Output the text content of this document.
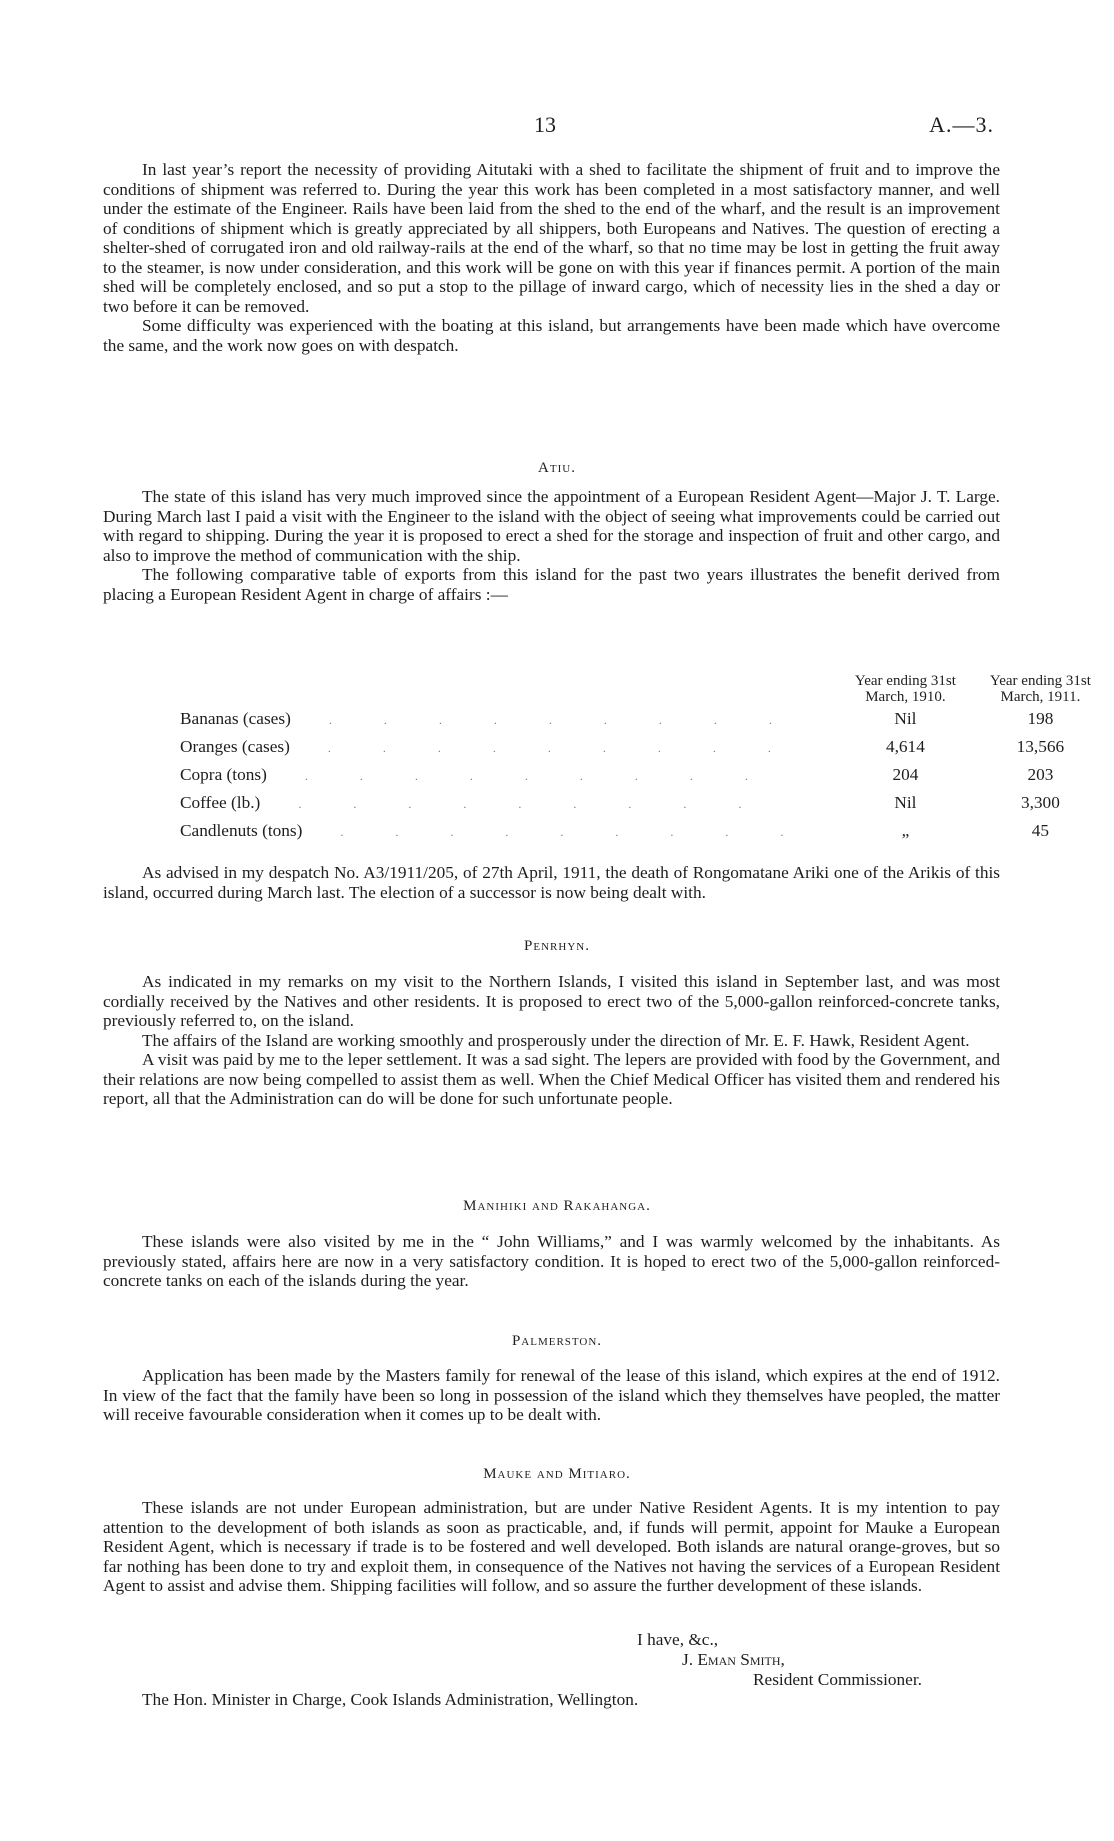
13	A.—3.

In last year’s report the necessity of providing Aitutaki with a shed to facilitate the shipment of fruit and to improve the conditions of shipment was referred to. During the year this work has been completed in a most satisfactory manner, and well under the estimate of the Engineer. Rails have been laid from the shed to the end of the wharf, and the result is an improvement of conditions of shipment which is greatly appreciated by all shippers, both Europeans and Natives. The question of erecting a shelter-shed of corrugated iron and old railway-rails at the end of the wharf, so that no time may be lost in getting the fruit away to the steamer, is now under consideration, and this work will be gone on with this year if finances permit. A portion of the main shed will be completely enclosed, and so put a stop to the pillage of inward cargo, which of necessity lies in the shed a day or two before it can be removed.

Some difficulty was experienced with the boating at this island, but arrangements have been made which have overcome the same, and the work now goes on with despatch.

Atiu.

The state of this island has very much improved since the appointment of a European Resident Agent—Major J. T. Large. During March last I paid a visit with the Engineer to the island with the object of seeing what improvements could be carried out with regard to shipping. During the year it is proposed to erect a shed for the storage and inspection of fruit and other cargo, and also to improve the method of communication with the ship.

The following comparative table of exports from this island for the past two years illustrates the benefit derived from placing a European Resident Agent in charge of affairs :—

	Year ending 31st March, 1910.	Year ending 31st March, 1911.
Bananas (cases) .........	Nil	198
Oranges (cases) .........	4,614	13,566
Copra (tons) .........	204	203
Coffee (lb.) .........	Nil	3,300
Candlenuts (tons) .........	„	45

As advised in my despatch No. A3/1911/205, of 27th April, 1911, the death of Rongomatane Ariki one of the Arikis of this island, occurred during March last. The election of a successor is now being dealt with.

Penrhyn.

As indicated in my remarks on my visit to the Northern Islands, I visited this island in September last, and was most cordially received by the Natives and other residents. It is proposed to erect two of the 5,000-gallon reinforced-concrete tanks, previously referred to, on the island.

The affairs of the Island are working smoothly and prosperously under the direction of Mr. E. F. Hawk, Resident Agent.

A visit was paid by me to the leper settlement. It was a sad sight. The lepers are provided with food by the Government, and their relations are now being compelled to assist them as well. When the Chief Medical Officer has visited them and rendered his report, all that the Administration can do will be done for such unfortunate people.

Manihiki and Rakahanga.

These islands were also visited by me in the “ John Williams,” and I was warmly welcomed by the inhabitants. As previously stated, affairs here are now in a very satisfactory condition. It is hoped to erect two of the 5,000-gallon reinforced-concrete tanks on each of the islands during the year.

Palmerston.

Application has been made by the Masters family for renewal of the lease of this island, which expires at the end of 1912. In view of the fact that the family have been so long in possession of the island which they themselves have peopled, the matter will receive favourable consideration when it comes up to be dealt with.

Mauke and Mitiaro.

These islands are not under European administration, but are under Native Resident Agents. It is my intention to pay attention to the development of both islands as soon as practicable, and, if funds will permit, appoint for Mauke a European Resident Agent, which is necessary if trade is to be fostered and well developed. Both islands are natural orange-groves, but so far nothing has been done to try and exploit them, in consequence of the Natives not having the services of a European Resident Agent to assist and advise them. Shipping facilities will follow, and so assure the further development of these islands.

I have, &c.,
J. Eman Smith,
Resident Commissioner.
The Hon. Minister in Charge, Cook Islands Administration, Wellington.
